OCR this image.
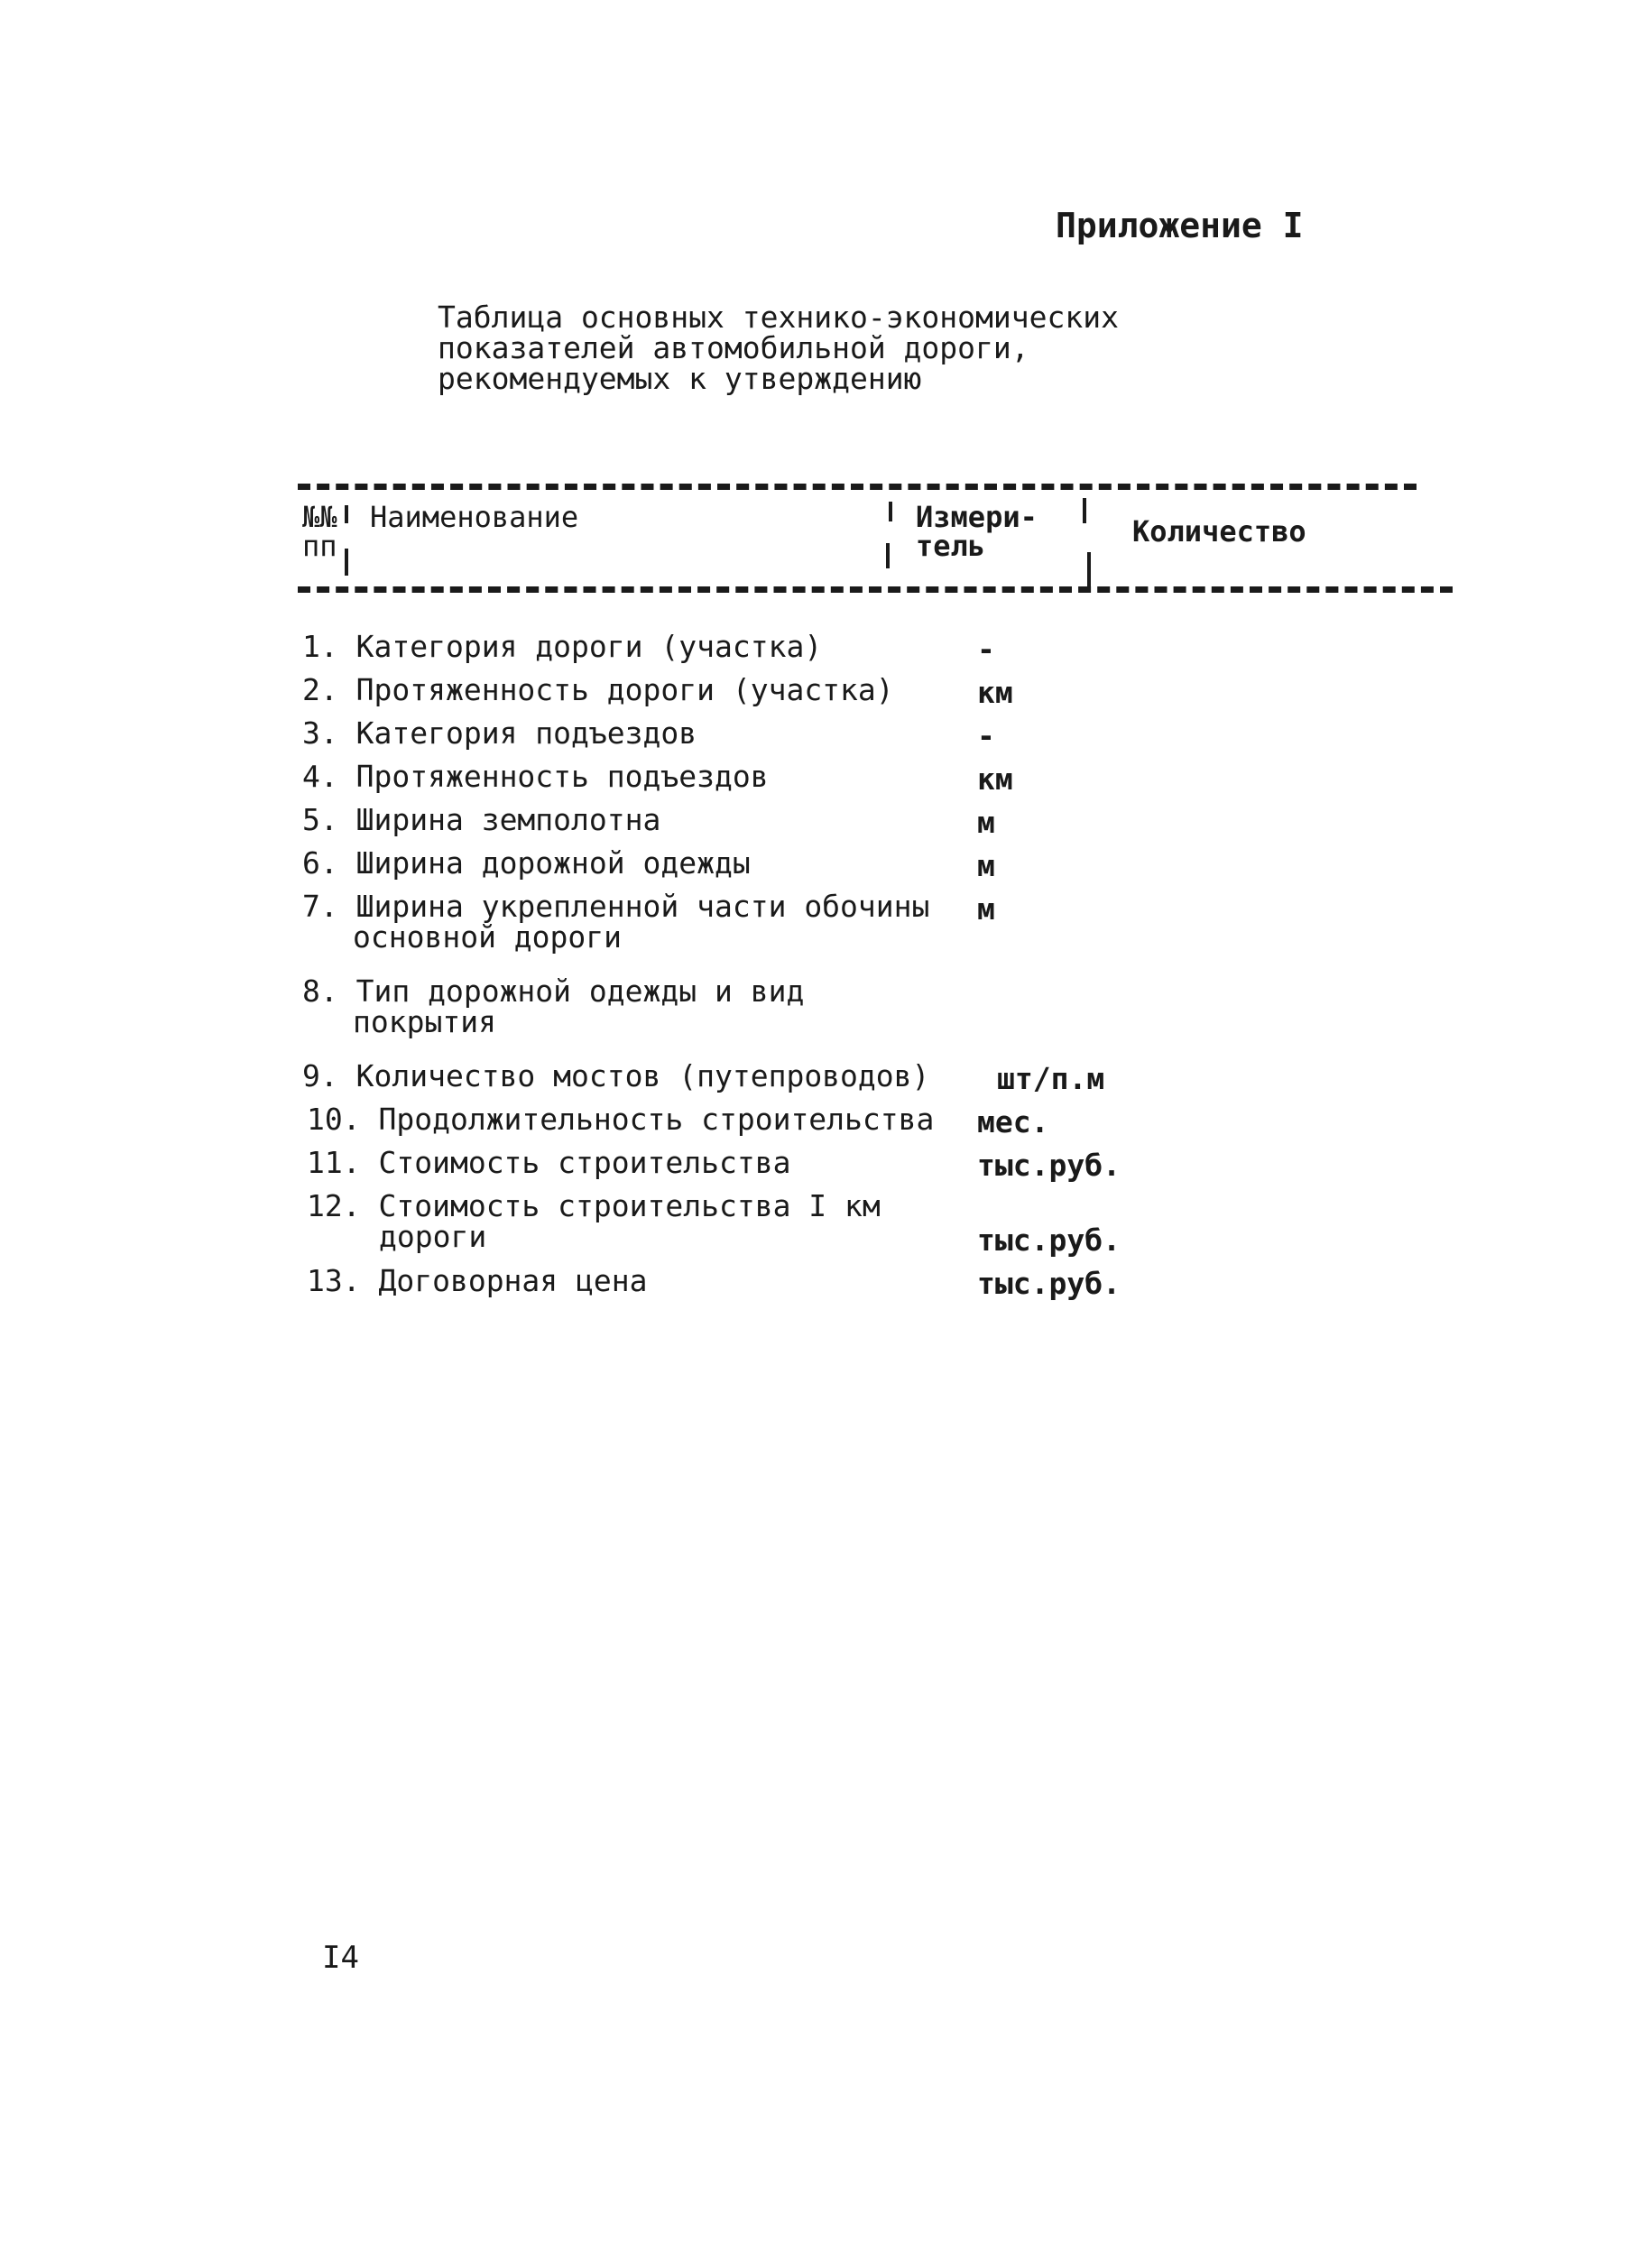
Приложение I
Таблица основных технико-экономических
показателей автомобильной дороги,
рекомендуемых к утверждению
№№
пп
Наименование	Измери-
тель	Количество
1. Категория дороги (участка)	-
2. Протяженность дороги (участка)	км
3. Категория подъездов	-
4. Протяженность подъездов	км
5. Ширина земполотна	м
6. Ширина дорожной одежды	м
7. Ширина укрепленной части обочины
основной дороги
м
8. Тип дорожной одежды и вид
покрытия
9. Количество мостов (путепроводов) шт/п.м
10. Продолжительность строительства мес.
11. Стоимость строительства	тыс.руб.
12. Стоимость строительства I км
дороги	тыс.руб.
13. Договорная цена	тыс.руб.
I4
